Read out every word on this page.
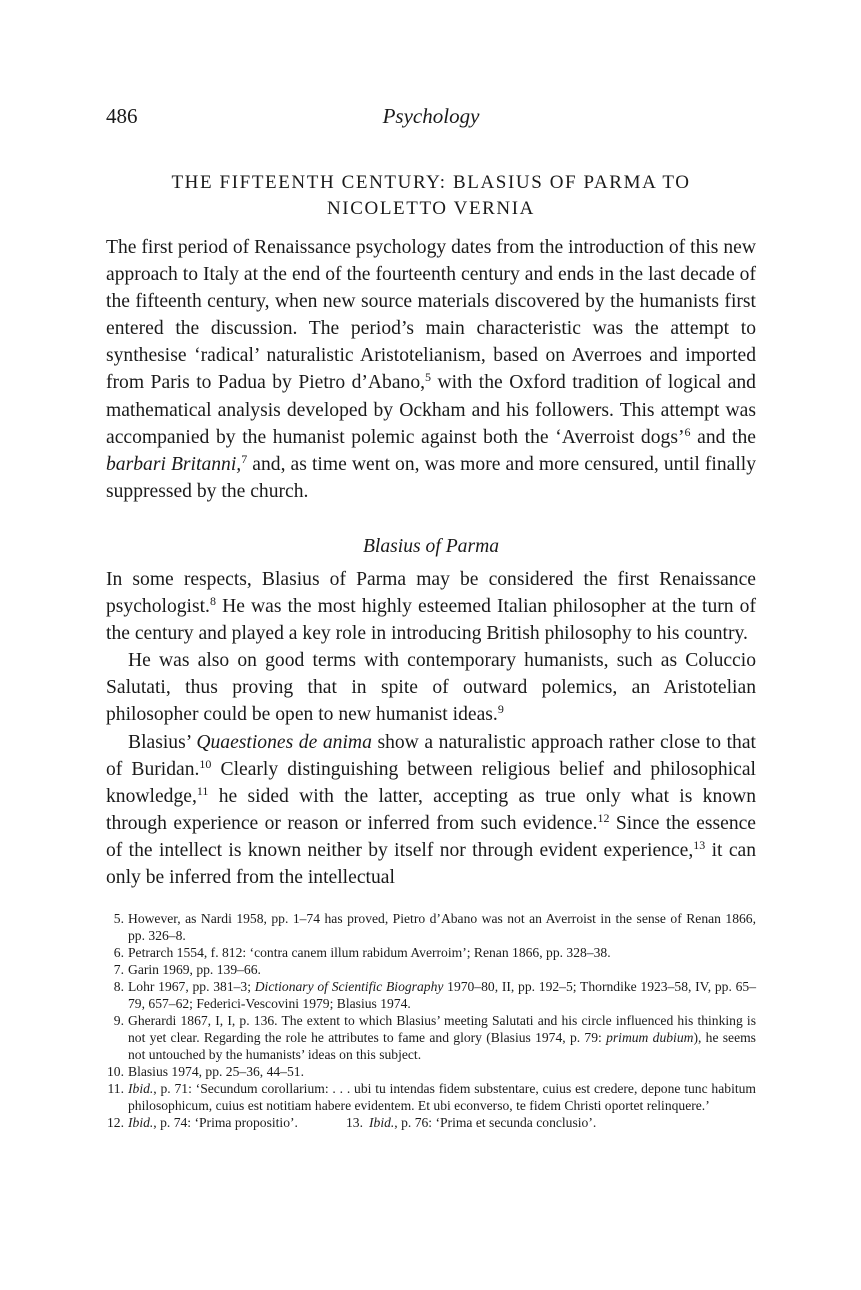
486	Psychology
THE FIFTEENTH CENTURY: BLASIUS OF PARMA TO
NICOLETTO VERNIA

The first period of Renaissance psychology dates from the introduction of this new approach to Italy at the end of the fourteenth century and ends in the last decade of the fifteenth century, when new source materials discovered by the humanists first entered the discussion. The period’s main characteristic was the attempt to synthesise ‘radical’ naturalistic Aristotelianism, based on Averroes and imported from Paris to Padua by Pietro d’Abano,$^5$ with the Oxford tradition of logical and mathematical analysis developed by Ockham and his followers. This attempt was accompanied by the humanist polemic against both the ‘Averroist dogs’$^6$ and the barbari Britanni,$^7$ and, as time went on, was more and more censured, until finally suppressed by the church.

Blasius of Parma

In some respects, Blasius of Parma may be considered the first Renaissance psychologist.$^8$ He was the most highly esteemed Italian philosopher at the turn of the century and played a key role in introducing British philosophy to his country.

He was also on good terms with contemporary humanists, such as Coluccio Salutati, thus proving that in spite of outward polemics, an Aristotelian philosopher could be open to new humanist ideas.$^9$

Blasius’ Quaestiones de anima show a naturalistic approach rather close to that of Buridan.$^{10}$ Clearly distinguishing between religious belief and philosophical knowledge,$^{11}$ he sided with the latter, accepting as true only what is known through experience or reason or inferred from such evidence.$^{12}$ Since the essence of the intellect is known neither by itself nor through evident experience,$^{13}$ it can only be inferred from the intellectual

5. However, as Nardi 1958, pp. 1–74 has proved, Pietro d’Abano was not an Averroist in the sense of Renan 1866, pp. 326–8.

6. Petrarch 1554, f. 812: ‘contra canem illum rabidum Averroim’; Renan 1866, pp. 328–38.

7. Garin 1969, pp. 139–66.

8. Lohr 1967, pp. 381–3; Dictionary of Scientific Biography 1970–80, II, pp. 192–5; Thorndike 1923–58, IV, pp. 65–79, 657–62; Federici-Vescovini 1979; Blasius 1974.

9. Gherardi 1867, I, I, p. 136. The extent to which Blasius’ meeting Salutati and his circle influenced his thinking is not yet clear. Regarding the role he attributes to fame and glory (Blasius 1974, p. 79: primum dubium), he seems not untouched by the humanists’ ideas on this subject.

10. Blasius 1974, pp. 25–36, 44–51.

11. Ibid., p. 71: ‘Secundum corollarium: . . . ubi tu intendas fidem substentare, cuius est credere, depone tunc habitum philosophicum, cuius est notitiam habere evidentem. Et ubi econverso, te fidem Christi oportet relinquere.’

12. Ibid., p. 74: ‘Prima propositio’.	13. Ibid., p. 76: ‘Prima et secunda conclusio’.
